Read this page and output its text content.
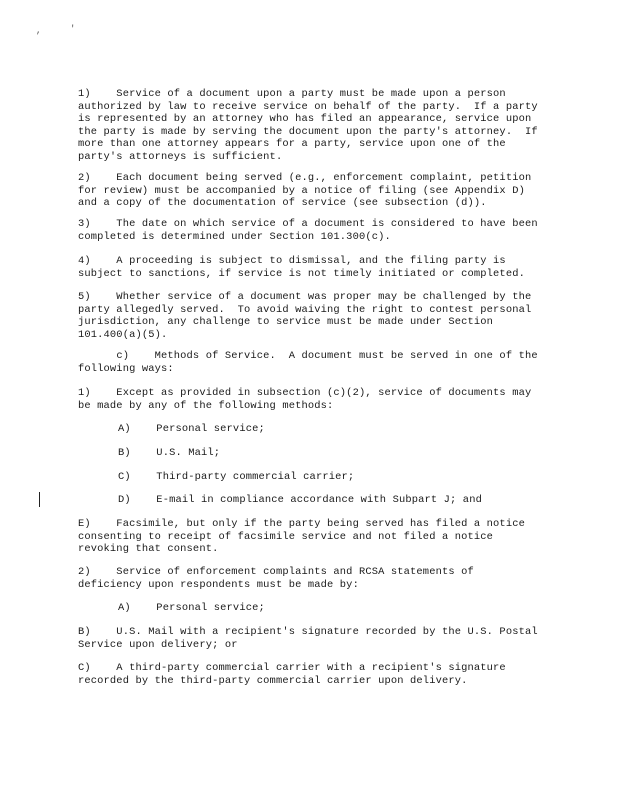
,	'

1)    Service of a document upon a party must be made upon a person
authorized by law to receive service on behalf of the party.  If a party
is represented by an attorney who has filed an appearance, service upon
the party is made by serving the document upon the party's attorney.  If
more than one attorney appears for a party, service upon one of the
party's attorneys is sufficient.

2)    Each document being served (e.g., enforcement complaint, petition
for review) must be accompanied by a notice of filing (see Appendix D)
and a copy of the documentation of service (see subsection (d)).

3)    The date on which service of a document is considered to have been
completed is determined under Section 101.300(c).

4)    A proceeding is subject to dismissal, and the filing party is
subject to sanctions, if service is not timely initiated or completed.

5)    Whether service of a document was proper may be challenged by the
party allegedly served.  To avoid waiving the right to contest personal
jurisdiction, any challenge to service must be made under Section
101.400(a)(5).

c)    Methods of Service.  A document must be served in one of the
following ways:

1)    Except as provided in subsection (c)(2), service of documents may
be made by any of the following methods:

A)    Personal service;

B)    U.S. Mail;

C)    Third-party commercial carrier;

D)    E-mail in compliance accordance with Subpart J; and

E)    Facsimile, but only if the party being served has filed a notice
consenting to receipt of facsimile service and not filed a notice
revoking that consent.

2)    Service of enforcement complaints and RCSA statements of
deficiency upon respondents must be made by:

A)    Personal service;

B)    U.S. Mail with a recipient's signature recorded by the U.S. Postal
Service upon delivery; or

C)    A third-party commercial carrier with a recipient's signature
recorded by the third-party commercial carrier upon delivery.
